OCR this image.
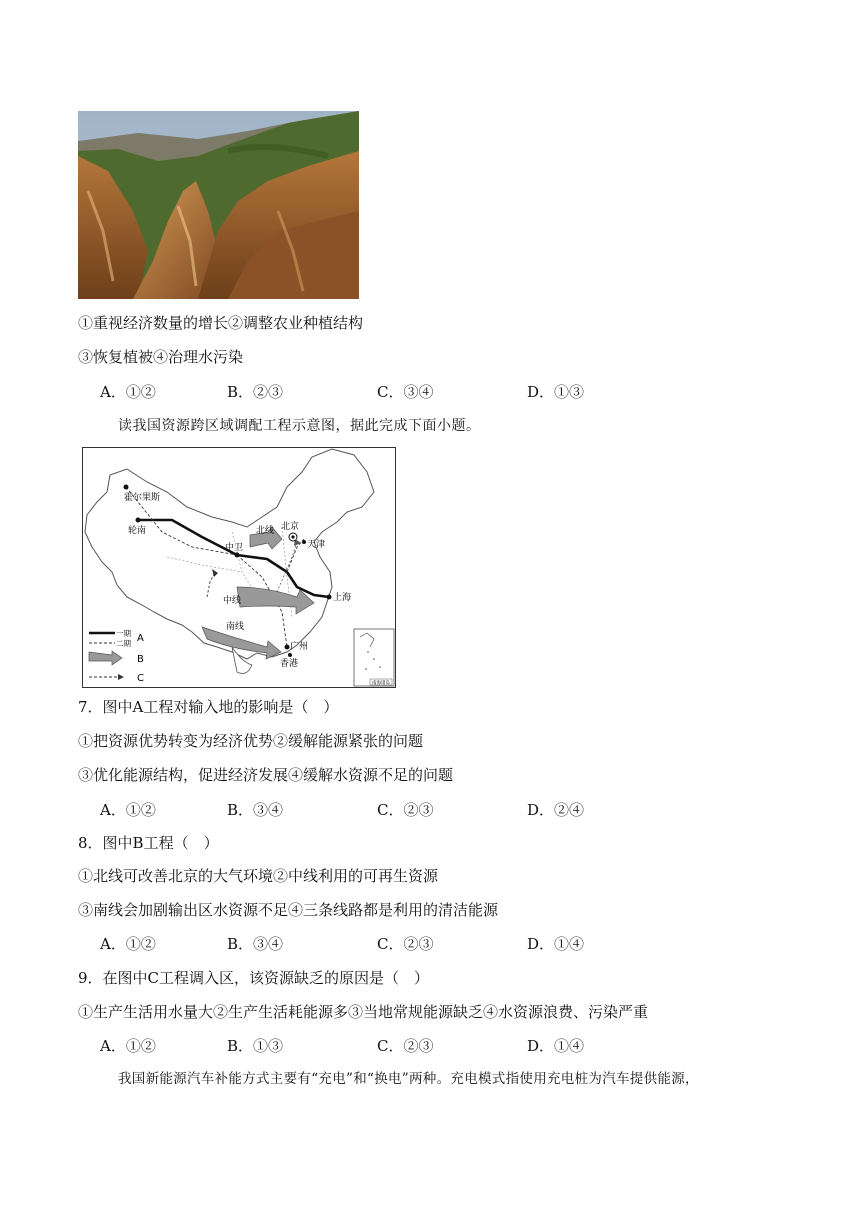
①重视经济数量的增长②调整农业种植结构
③恢复植被④治理水污染
A．①②	B．②③	C．③④	D．①③
读我国资源跨区域调配工程示意图，据此完成下面小题。
南海诸岛
霍尔果斯
轮南
中卫
北线 北京
天津
中线	上海
南线
广州
香港
一期
二期 A
B
C
7．图中A工程对输入地的影响是（　）
①把资源优势转变为经济优势②缓解能源紧张的问题
③优化能源结构，促进经济发展④缓解水资源不足的问题
A．①②	B．③④	C．②③	D．②④
8．图中B工程（　）
①北线可改善北京的大气环境②中线利用的可再生资源
③南线会加剧输出区水资源不足④三条线路都是利用的清洁能源
A．①②	B．③④	C．②③	D．①④
9．在图中C工程调入区，该资源缺乏的原因是（　）
①生产生活用水量大②生产生活耗能源多③当地常规能源缺乏④水资源浪费、污染严重
A．①②	B．①③	C．②③	D．①④
我国新能源汽车补能方式主要有“充电”和“换电”两种。充电模式指使用充电桩为汽车提供能源，
